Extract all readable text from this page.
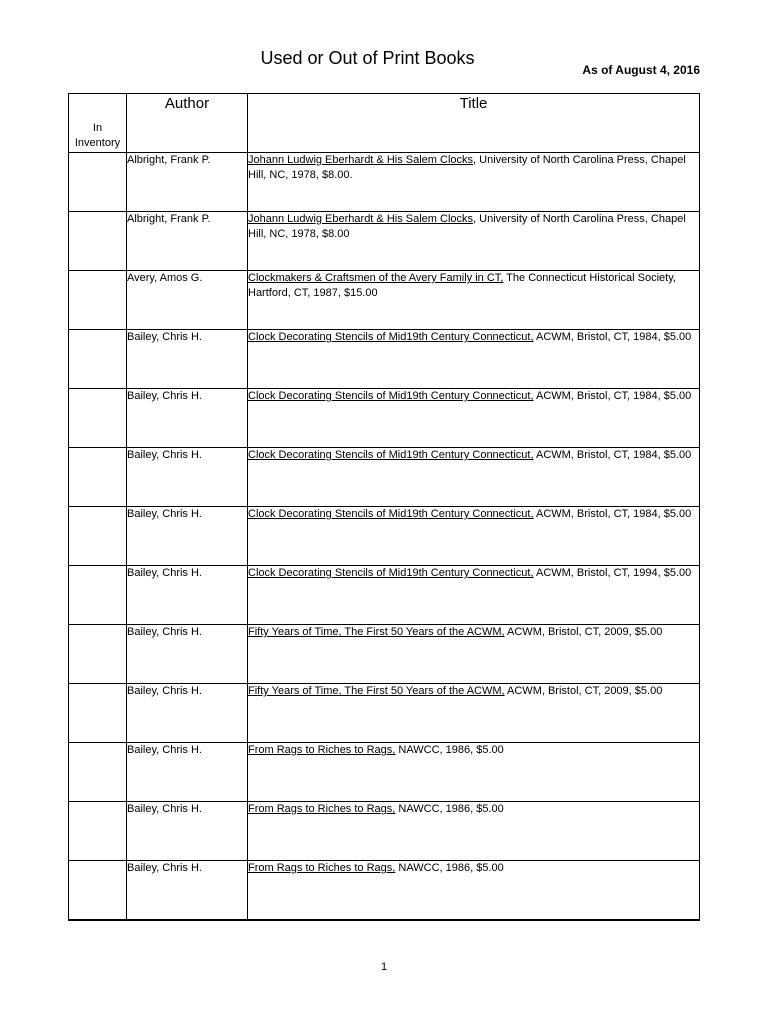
Used or Out of Print Books
As of August 4, 2016
In Inventory	Author	Title
	Albright, Frank P.	Johann Ludwig Eberhardt & His Salem Clocks, University of North Carolina Press, Chapel Hill, NC, 1978, $8.00.
	Albright, Frank P.	Johann Ludwig Eberhardt & His Salem Clocks, University of North Carolina Press, Chapel Hill, NC, 1978, $8.00
	Avery, Amos G.	Clockmakers & Craftsmen of the Avery Family in CT, The Connecticut Historical Society, Hartford, CT, 1987, $15.00
	Bailey, Chris H.	Clock Decorating Stencils of Mid19th Century Connecticut, ACWM, Bristol, CT, 1984, $5.00
	Bailey, Chris H.	Clock Decorating Stencils of Mid19th Century Connecticut, ACWM, Bristol, CT, 1984, $5.00
	Bailey, Chris H.	Clock Decorating Stencils of Mid19th Century Connecticut, ACWM, Bristol, CT, 1984, $5.00
	Bailey, Chris H.	Clock Decorating Stencils of Mid19th Century Connecticut, ACWM, Bristol, CT, 1984, $5.00
	Bailey, Chris H.	Clock Decorating Stencils of Mid19th Century Connecticut, ACWM, Bristol, CT, 1994, $5.00
	Bailey, Chris H.	Fifty Years of Time, The First 50 Years of the ACWM, ACWM, Bristol, CT, 2009, $5.00
	Bailey, Chris H.	Fifty Years of Time, The First 50 Years of the ACWM, ACWM, Bristol, CT, 2009, $5.00
	Bailey, Chris H.	From Rags to Riches to Rags, NAWCC, 1986, $5.00
	Bailey, Chris H.	From Rags to Riches to Rags, NAWCC, 1986, $5.00
	Bailey, Chris H.	From Rags to Riches to Rags, NAWCC, 1986, $5.00
1
